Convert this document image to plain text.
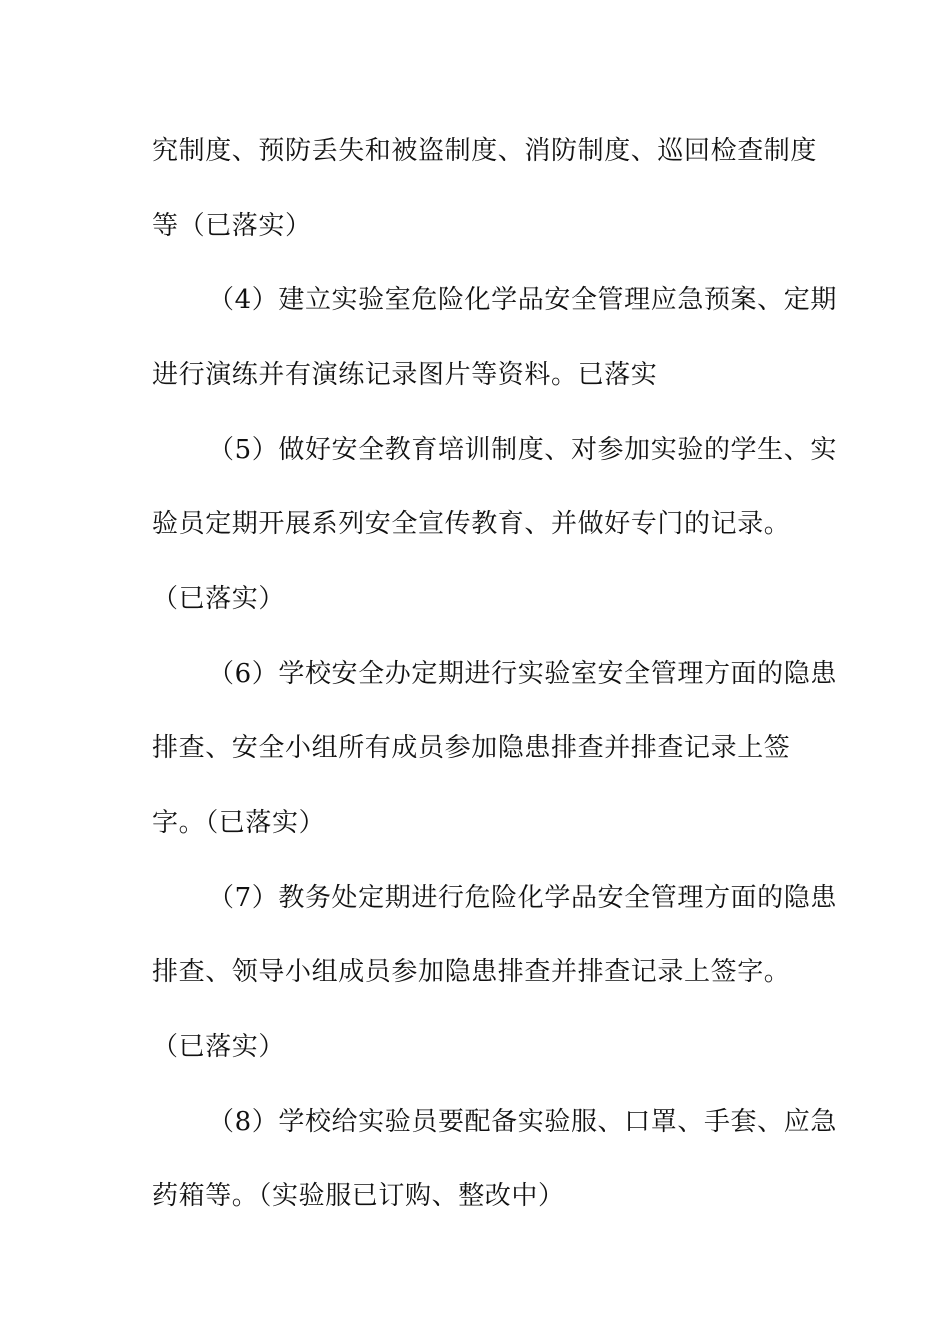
究制度、预防丢失和被盗制度、消防制度、巡回检查制度
等（已落实）
（4）建立实验室危险化学品安全管理应急预案、定期
进行演练并有演练记录图片等资料。已落实
（5）做好安全教育培训制度、对参加实验的学生、实
验员定期开展系列安全宣传教育、并做好专门的记录。
（已落实）
（6）学校安全办定期进行实验室安全管理方面的隐患
排查、安全小组所有成员参加隐患排查并排查记录上签
字。（已落实）
（7）教务处定期进行危险化学品安全管理方面的隐患
排查、领导小组成员参加隐患排查并排查记录上签字。
（已落实）
（8）学校给实验员要配备实验服、口罩、手套、应急
药箱等。（实验服已订购、整改中）
